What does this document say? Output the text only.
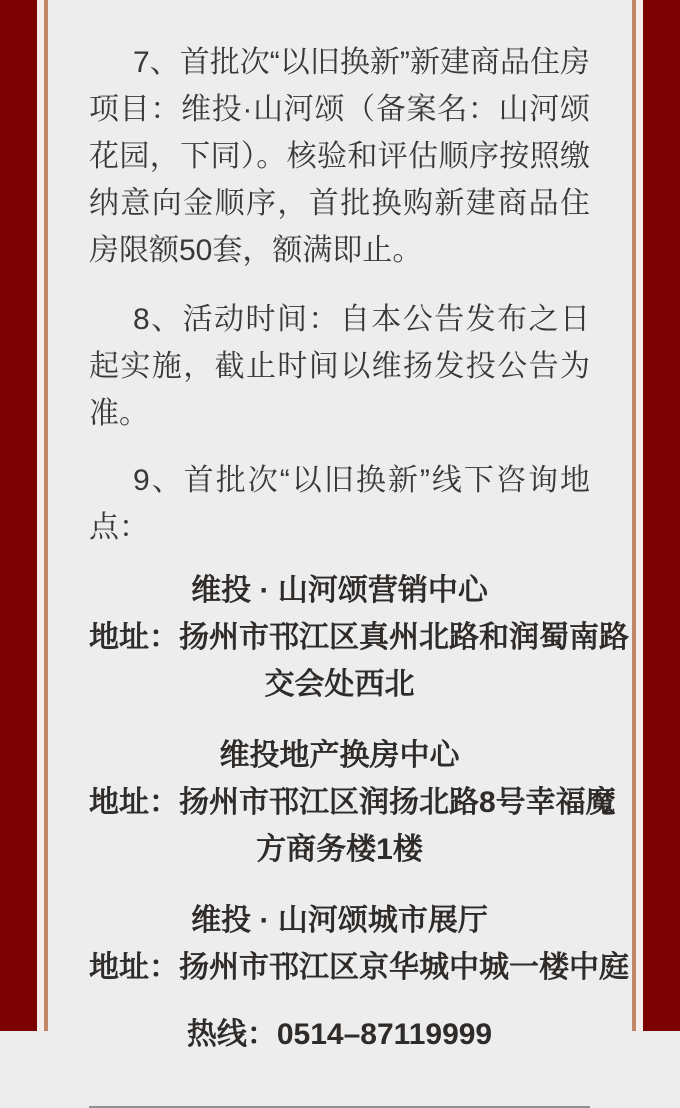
7、首批次“以旧换新”新建商品住房项目：维投·山河颂（备案名：山河颂花园，下同）。核验和评估顺序按照缴纳意向金顺序，首批换购新建商品住房限额50套，额满即止。

8、活动时间：自本公告发布之日起实施，截止时间以维扬发投公告为准。

9、首批次“以旧换新”线下咨询地点：

维投 · 山河颂营销中心
地址：扬州市邗江区真州北路和润蜀南路
交会处西北
维投地产换房中心
地址：扬州市邗江区润扬北路8号幸福魔
方商务楼1楼
维投 · 山河颂城市展厅
地址：扬州市邗江区京华城中城一楼中庭
热线：0514–87119999
